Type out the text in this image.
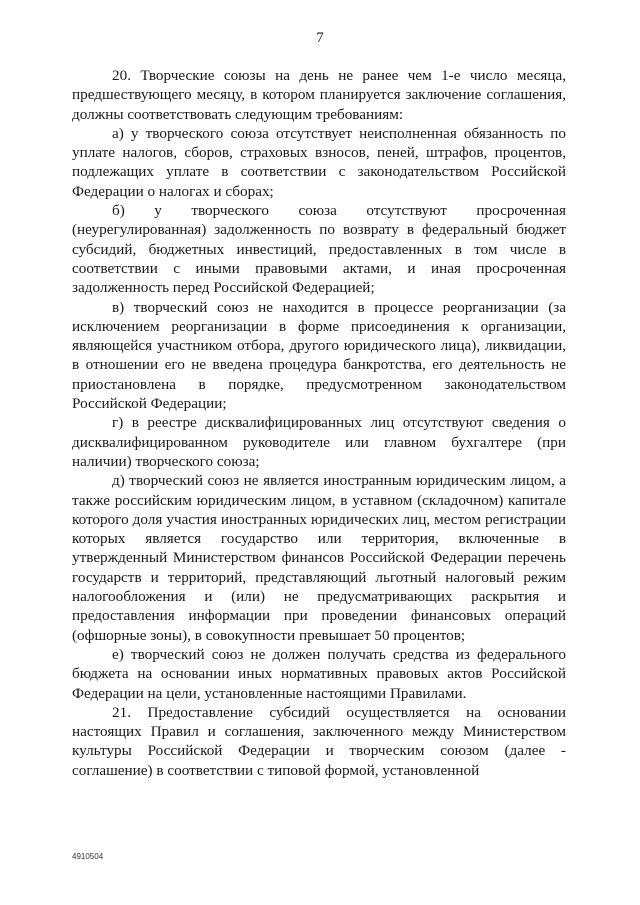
7

20. Творческие союзы на день не ранее чем 1-е число месяца, предшествующего месяцу, в котором планируется заключение соглашения, должны соответствовать следующим требованиям:

а) у творческого союза отсутствует неисполненная обязанность по уплате налогов, сборов, страховых взносов, пеней, штрафов, процентов, подлежащих уплате в соответствии с законодательством Российской Федерации о налогах и сборах;

б) у творческого союза отсутствуют просроченная (неурегулированная) задолженность по возврату в федеральный бюджет субсидий, бюджетных инвестиций, предоставленных в том числе в соответствии с иными правовыми актами, и иная просроченная задолженность перед Российской Федерацией;

в) творческий союз не находится в процессе реорганизации (за исключением реорганизации в форме присоединения к организации, являющейся участником отбора, другого юридического лица), ликвидации, в отношении его не введена процедура банкротства, его деятельность не приостановлена в порядке, предусмотренном законодательством Российской Федерации;

г) в реестре дисквалифицированных лиц отсутствуют сведения о дисквалифицированном руководителе или главном бухгалтере (при наличии) творческого союза;

д) творческий союз не является иностранным юридическим лицом, а также российским юридическим лицом, в уставном (складочном) капитале которого доля участия иностранных юридических лиц, местом регистрации которых является государство или территория, включенные в утвержденный Министерством финансов Российской Федерации перечень государств и территорий, представляющий льготный налоговый режим налогообложения и (или) не предусматривающих раскрытия и предоставления информации при проведении финансовых операций (офшорные зоны), в совокупности превышает 50 процентов;

е) творческий союз не должен получать средства из федерального бюджета на основании иных нормативных правовых актов Российской Федерации на цели, установленные настоящими Правилами.

21. Предоставление субсидий осуществляется на основании настоящих Правил и соглашения, заключенного между Министерством культуры Российской Федерации и творческим союзом (далее - соглашение) в соответствии с типовой формой, установленной

4910504
